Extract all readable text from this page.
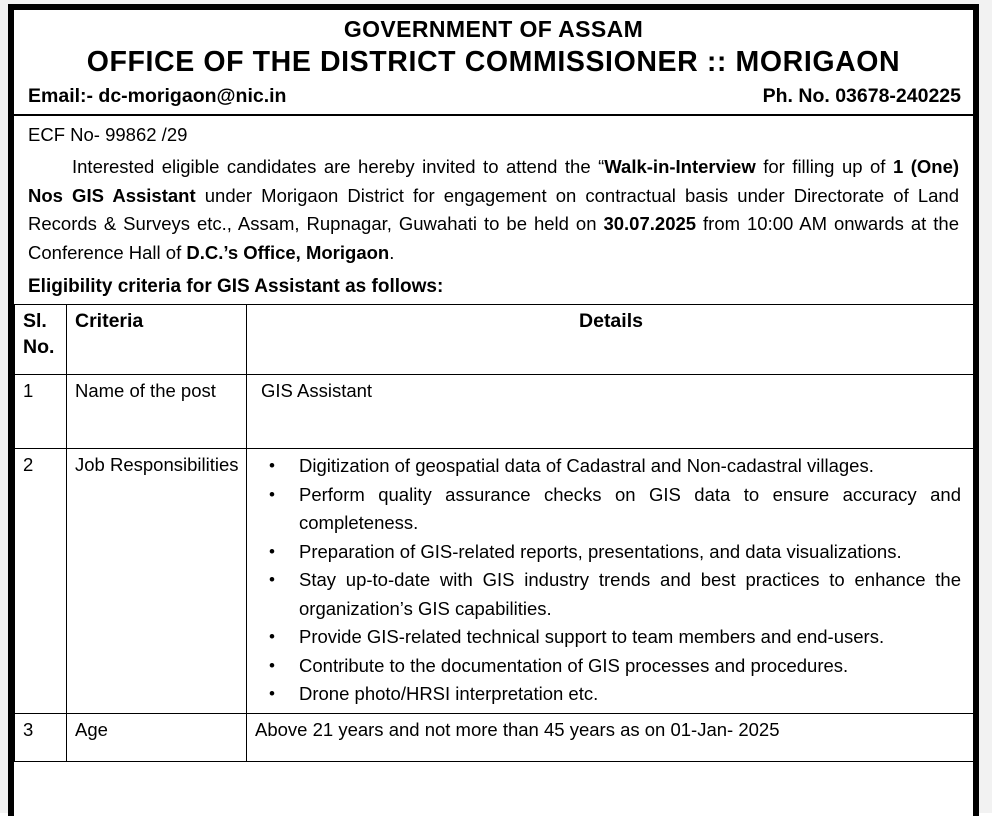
GOVERNMENT OF ASSAM
OFFICE OF THE DISTRICT COMMISSIONER :: MORIGAON
Email:- dc-morigaon@nic.in	Ph. No. 03678-240225
ECF No- 99862 /29
Interested eligible candidates are hereby invited to attend the “Walk-in-Interview for filling up of 1 (One) Nos GIS Assistant under Morigaon District for engagement on contractual basis under Directorate of Land Records & Surveys etc., Assam, Rupnagar, Guwahati to be held on 30.07.2025 from 10:00 AM onwards at the Conference Hall of D.C.’s Office, Morigaon.
Eligibility criteria for GIS Assistant as follows:
Sl. No.	Criteria	Details
1	Name of the post	GIS Assistant
2	Job Responsibilities	
•Digitization of geospatial data of Cadastral and Non-cadastral villages.
• Perform quality assurance checks on GIS data to ensure accuracy and completeness.
• Preparation of GIS-related reports, presentations, and data visualizations.
• Stay up-to-date with GIS industry trends and best practices to enhance the organization’s GIS capabilities.
• Provide GIS-related technical support to team members and end-users.
• Contribute to the documentation of GIS processes and procedures.
• Drone photo/HRSI interpretation etc.

3	Age	Above 21 years and not more than 45 years as on 01-Jan- 2025
